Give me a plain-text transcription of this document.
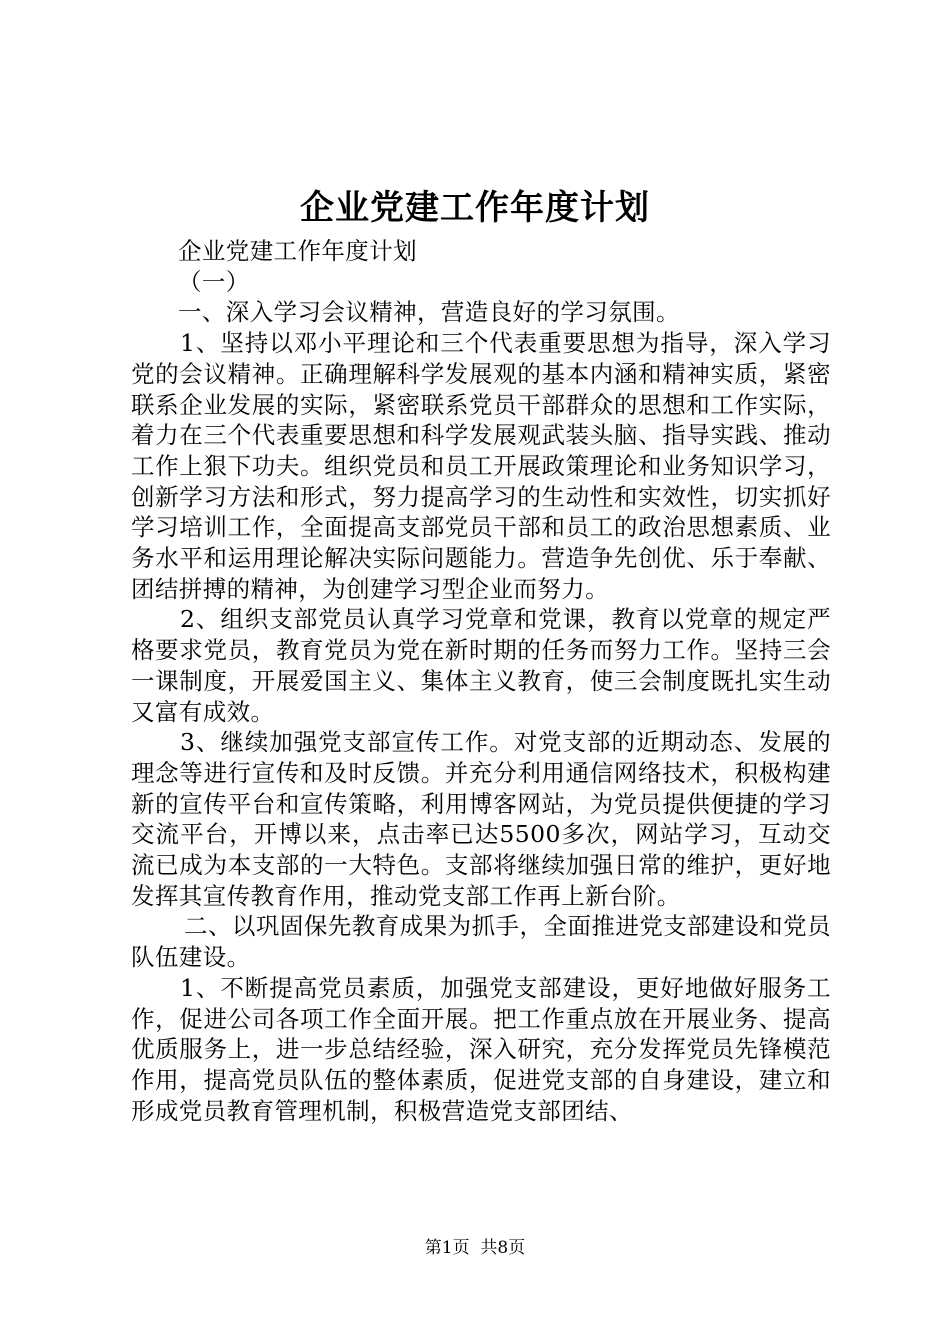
企业党建工作年度计划

企业党建工作年度计划

（一）

一、深入学习会议精神，营造良好的学习氛围。

1、坚持以邓小平理论和三个代表重要思想为指导，深入学习党的会议精神。正确理解科学发展观的基本内涵和精神实质，紧密联系企业发展的实际，紧密联系党员干部群众的思想和工作实际，着力在三个代表重要思想和科学发展观武装头脑、指导实践、推动工作上狠下功夫。组织党员和员工开展政策理论和业务知识学习，创新学习方法和形式，努力提高学习的生动性和实效性，切实抓好学习培训工作，全面提高支部党员干部和员工的政治思想素质、业务水平和运用理论解决实际问题能力。营造争先创优、乐于奉献、团结拼搏的精神，为创建学习型企业而努力。

2、组织支部党员认真学习党章和党课，教育以党章的规定严格要求党员，教育党员为党在新时期的任务而努力工作。坚持三会一课制度，开展爱国主义、集体主义教育，使三会制度既扎实生动又富有成效。

3、继续加强党支部宣传工作。对党支部的近期动态、发展的理念等进行宣传和及时反馈。并充分利用通信网络技术，积极构建新的宣传平台和宣传策略，利用博客网站，为党员提供便捷的学习交流平台，开博以来，点击率已达5500多次，网站学习，互动交流已成为本支部的一大特色。支部将继续加强日常的维护，更好地发挥其宣传教育作用，推动党支部工作再上新台阶。

二、以巩固保先教育成果为抓手，全面推进党支部建设和党员队伍建设。

1、不断提高党员素质，加强党支部建设，更好地做好服务工作，促进公司各项工作全面开展。把工作重点放在开展业务、提高优质服务上，进一步总结经验，深入研究，充分发挥党员先锋模范作用，提高党员队伍的整体素质，促进党支部的自身建设，建立和形成党员教育管理机制，积极营造党支部团结、

第1页 共8页
